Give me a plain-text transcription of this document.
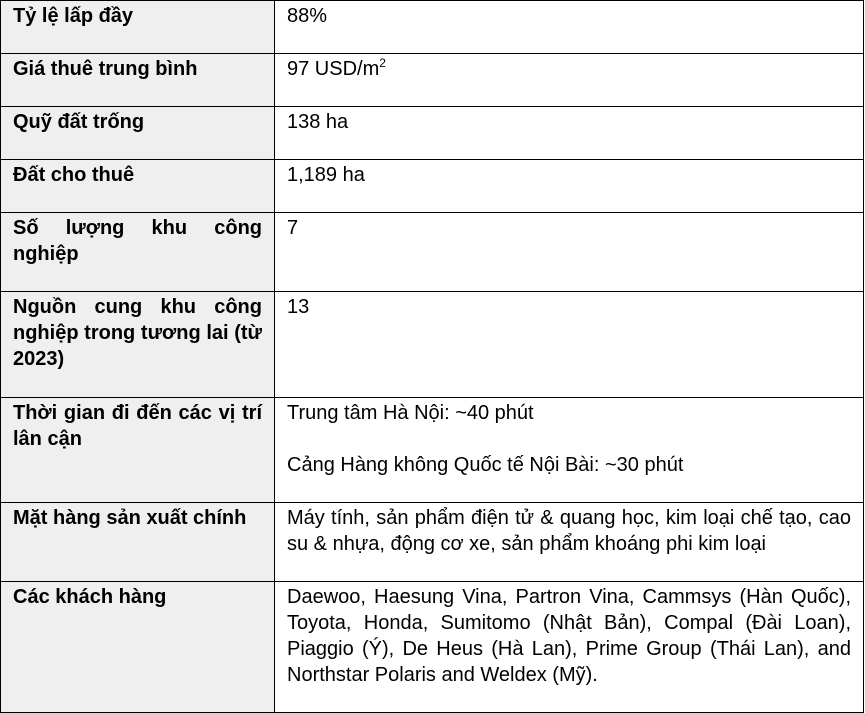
Tỷ lệ lấp đầy	88%
Giá thuê trung bình	97 USD/$m^2$
Quỹ đất trống	138 ha
Đất cho thuê	1,189 ha
Số lượng khu công nghiệp	7
Nguồn cung khu công nghiệp trong tương lai (từ 2023)	13
Thời gian đi đến các vị trí lân cận	Trung tâm Hà Nội: ~40 phút
Cảng Hàng không Quốc tế Nội Bài: ~30 phút

Mặt hàng sản xuất chính	Máy tính, sản phẩm điện tử & quang học, kim loại chế tạo, cao su & nhựa, động cơ xe, sản phẩm khoáng phi kim loại
Các khách hàng	Daewoo, Haesung Vina, Partron Vina, Cammsys (Hàn Quốc), Toyota, Honda, Sumitomo (Nhật Bản), Compal (Đài Loan), Piaggio (Ý), De Heus (Hà Lan), Prime Group (Thái Lan), and Northstar Polaris and Weldex (Mỹ).
